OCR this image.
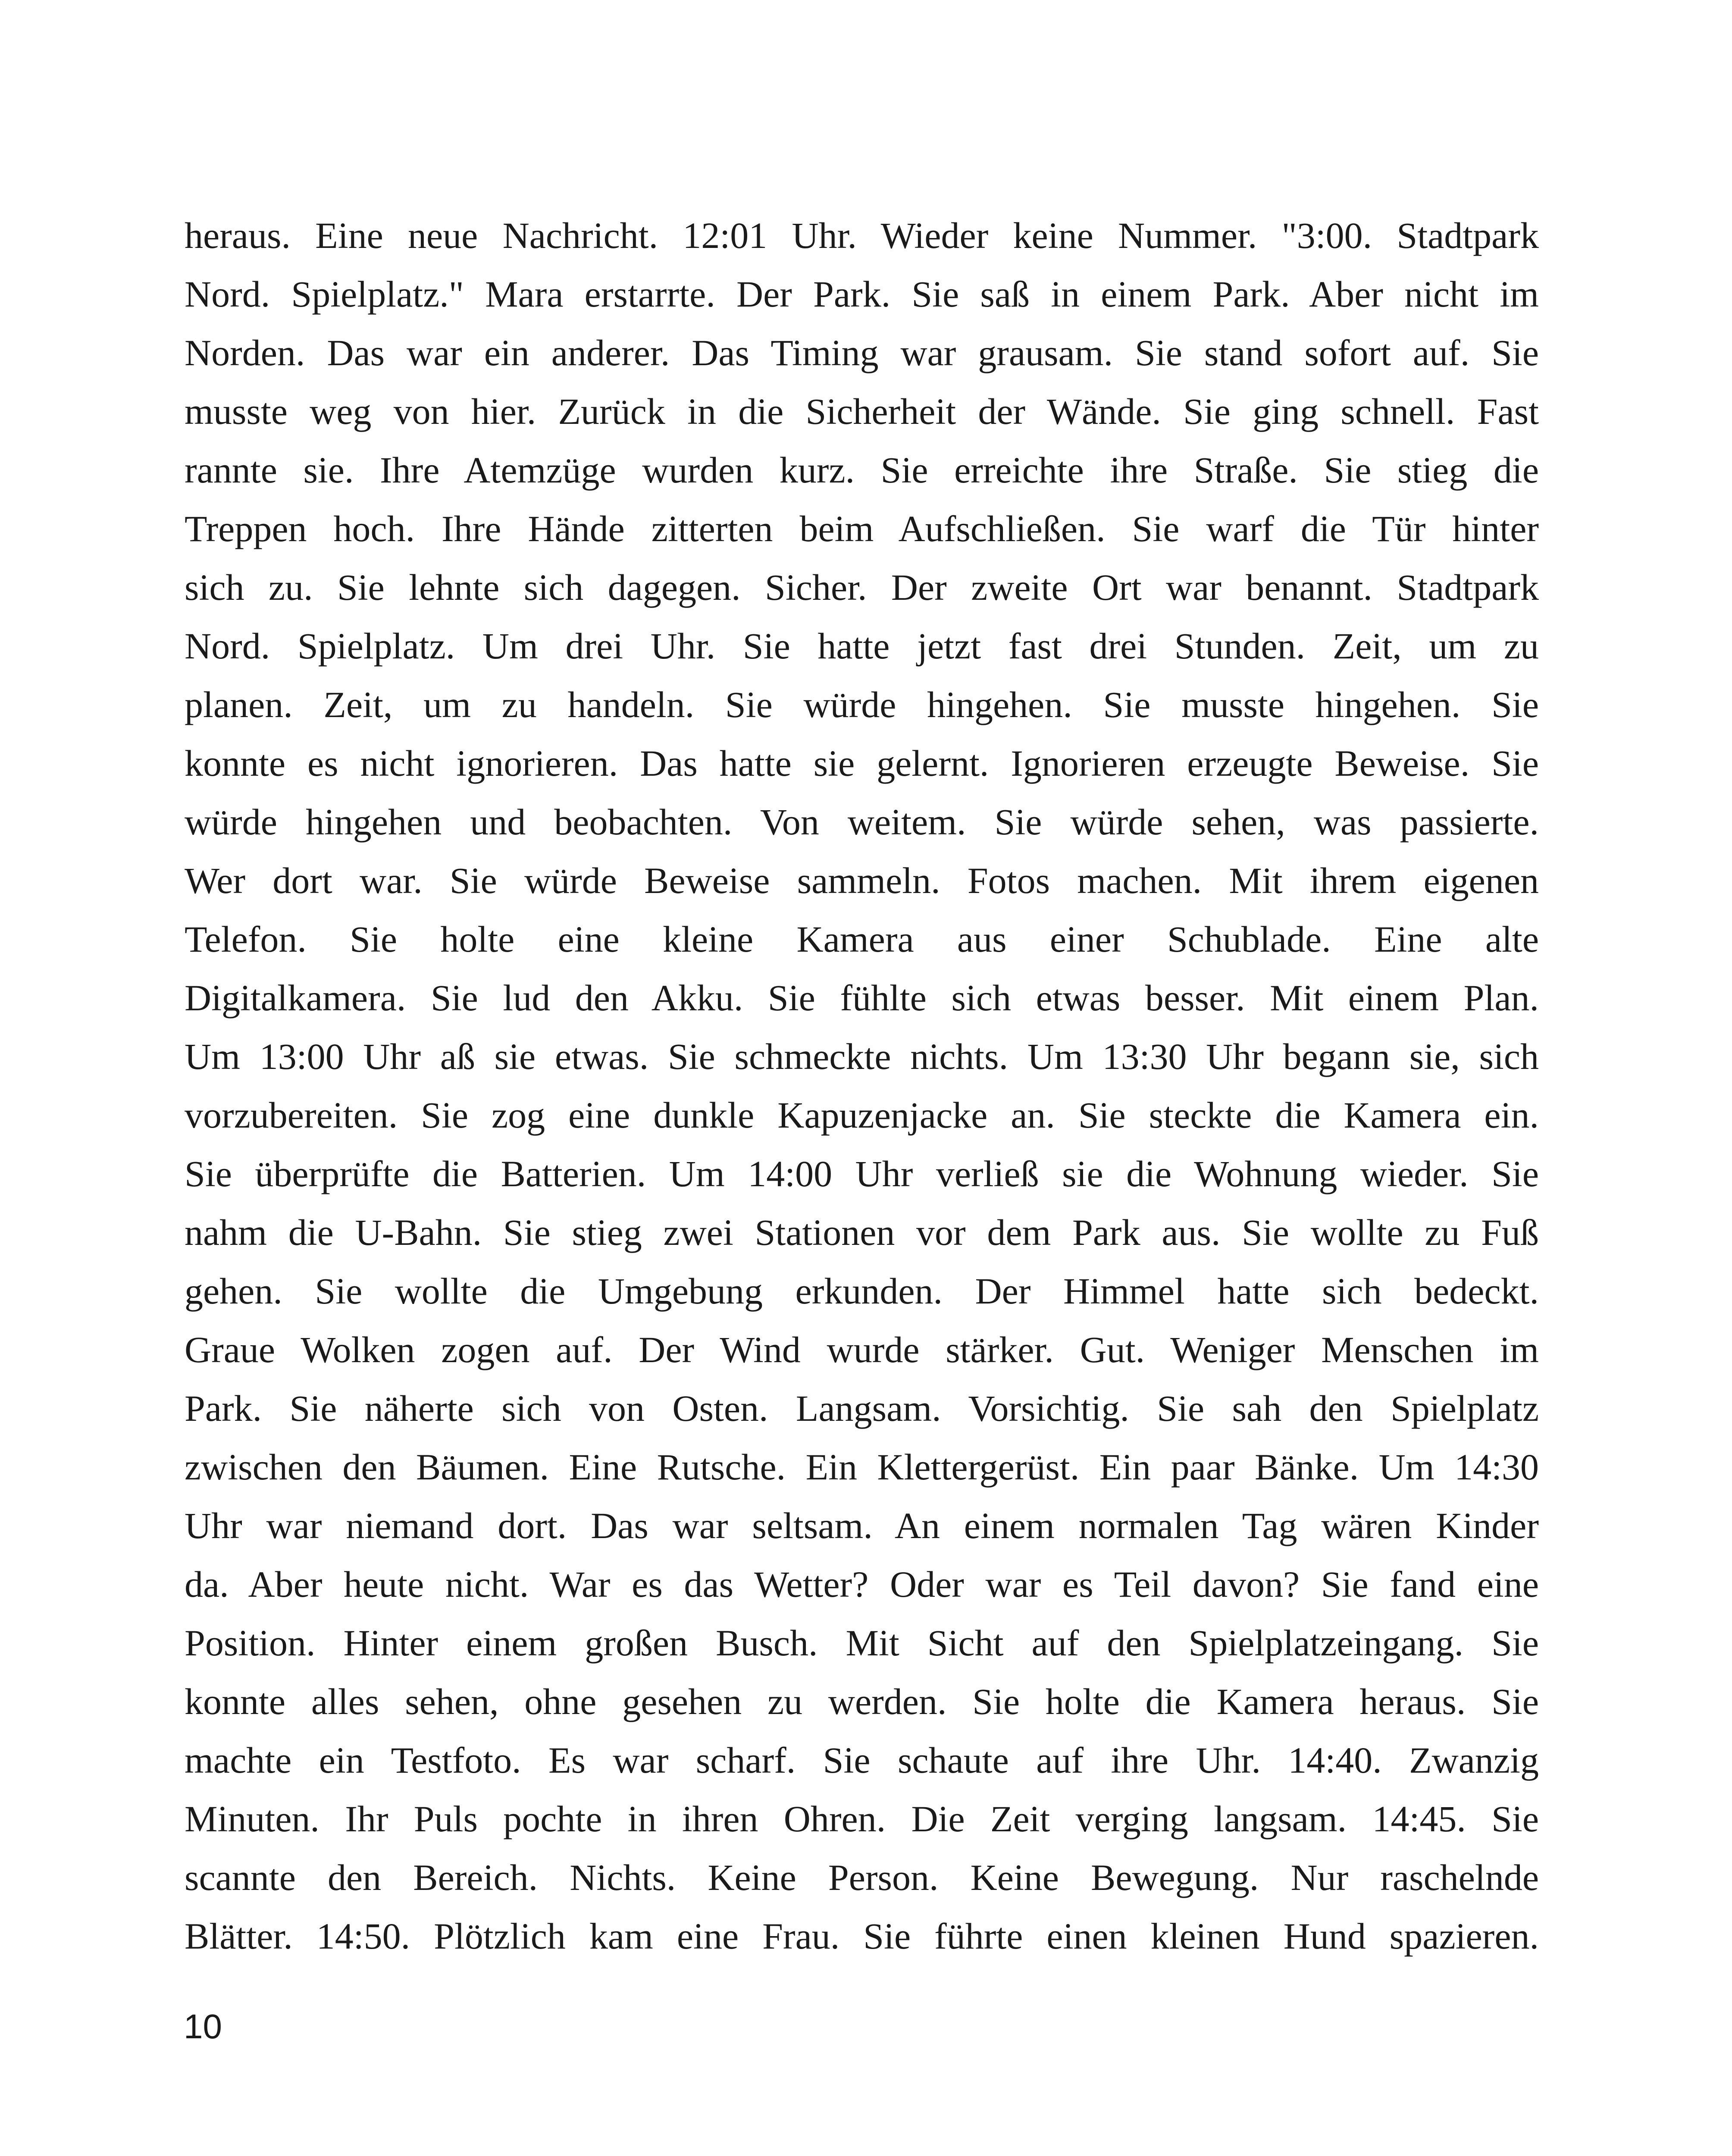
heraus. Eine neue Nachricht. 12:01 Uhr. Wieder keine Nummer. "3:00. Stadtpark
Nord. Spielplatz." Mara erstarrte. Der Park. Sie saß in einem Park. Aber nicht im
Norden. Das war ein anderer. Das Timing war grausam. Sie stand sofort auf. Sie
musste weg von hier. Zurück in die Sicherheit der Wände. Sie ging schnell. Fast
rannte sie. Ihre Atemzüge wurden kurz. Sie erreichte ihre Straße. Sie stieg die
Treppen hoch. Ihre Hände zitterten beim Aufschließen. Sie warf die Tür hinter
sich zu. Sie lehnte sich dagegen. Sicher. Der zweite Ort war benannt. Stadtpark
Nord. Spielplatz. Um drei Uhr. Sie hatte jetzt fast drei Stunden. Zeit, um zu
planen. Zeit, um zu handeln. Sie würde hingehen. Sie musste hingehen. Sie
konnte es nicht ignorieren. Das hatte sie gelernt. Ignorieren erzeugte Beweise. Sie
würde hingehen und beobachten. Von weitem. Sie würde sehen, was passierte.
Wer dort war. Sie würde Beweise sammeln. Fotos machen. Mit ihrem eigenen
Telefon. Sie holte eine kleine Kamera aus einer Schublade. Eine alte
Digitalkamera. Sie lud den Akku. Sie fühlte sich etwas besser. Mit einem Plan.
Um 13:00 Uhr aß sie etwas. Sie schmeckte nichts. Um 13:30 Uhr begann sie, sich
vorzubereiten. Sie zog eine dunkle Kapuzenjacke an. Sie steckte die Kamera ein.
Sie überprüfte die Batterien. Um 14:00 Uhr verließ sie die Wohnung wieder. Sie
nahm die U-Bahn. Sie stieg zwei Stationen vor dem Park aus. Sie wollte zu Fuß
gehen. Sie wollte die Umgebung erkunden. Der Himmel hatte sich bedeckt.
Graue Wolken zogen auf. Der Wind wurde stärker. Gut. Weniger Menschen im
Park. Sie näherte sich von Osten. Langsam. Vorsichtig. Sie sah den Spielplatz
zwischen den Bäumen. Eine Rutsche. Ein Klettergerüst. Ein paar Bänke. Um 14:30
Uhr war niemand dort. Das war seltsam. An einem normalen Tag wären Kinder
da. Aber heute nicht. War es das Wetter? Oder war es Teil davon? Sie fand eine
Position. Hinter einem großen Busch. Mit Sicht auf den Spielplatzeingang. Sie
konnte alles sehen, ohne gesehen zu werden. Sie holte die Kamera heraus. Sie
machte ein Testfoto. Es war scharf. Sie schaute auf ihre Uhr. 14:40. Zwanzig
Minuten. Ihr Puls pochte in ihren Ohren. Die Zeit verging langsam. 14:45. Sie
scannte den Bereich. Nichts. Keine Person. Keine Bewegung. Nur raschelnde
Blätter. 14:50. Plötzlich kam eine Frau. Sie führte einen kleinen Hund spazieren.
10
